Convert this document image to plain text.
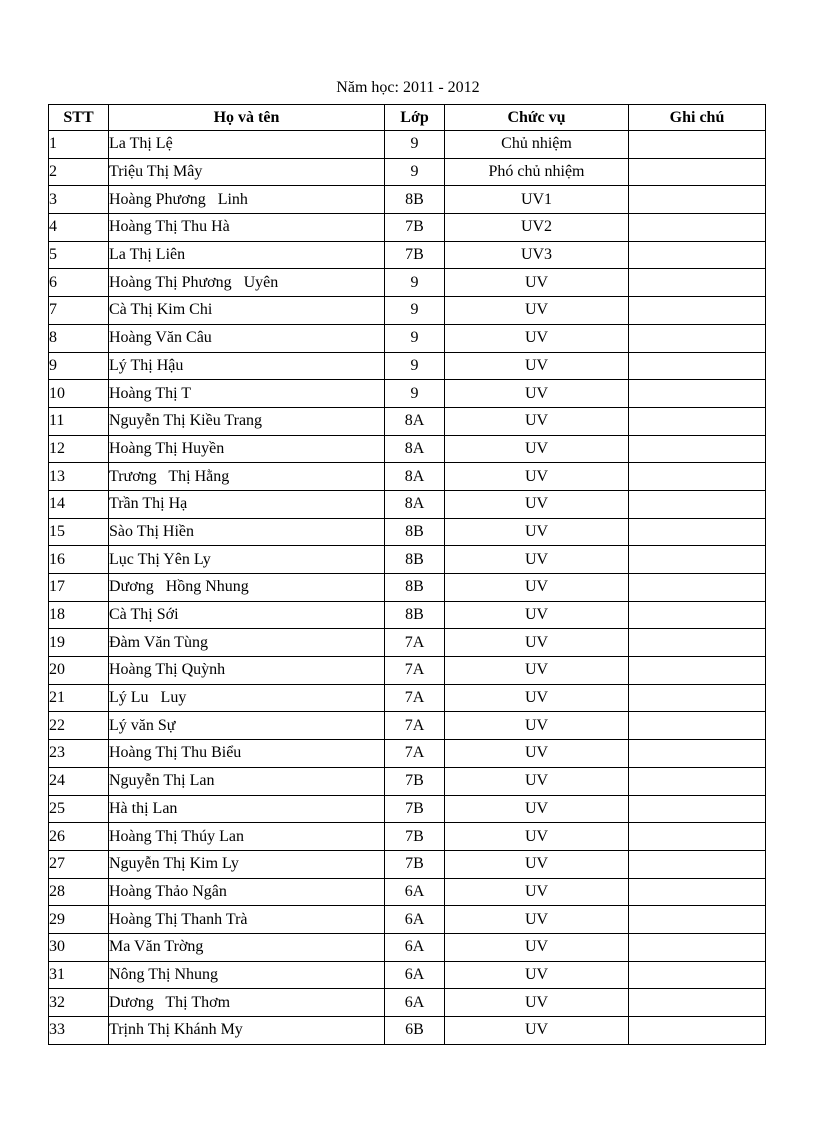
Năm học: 2011 - 2012
STT	Họ và tên	Lớp	Chức vụ	Ghi chú
1	La Thị Lệ	9	Chủ nhiệm	
2	Triệu Thị Mây	9	Phó chủ nhiệm	
3	Hoàng Phương   Linh	8B	UV1	
4	Hoàng Thị Thu Hà	7B	UV2	
5	La Thị Liên	7B	UV3	
6	Hoàng Thị Phương   Uyên	9	UV	
7	Cà Thị Kim Chi	9	UV	
8	Hoàng Văn Câu	9	UV	
9	Lý Thị Hậu	9	UV	
10	Hoàng Thị T	9	UV	
11	Nguyễn Thị Kiều Trang	8A	UV	
12	Hoàng Thị Huyền	8A	UV	
13	Trương   Thị Hằng	8A	UV	
14	Trần Thị Hạ	8A	UV	
15	Sào Thị Hiền	8B	UV	
16	Lục Thị Yên Ly	8B	UV	
17	Dương   Hồng Nhung	8B	UV	
18	Cà Thị Sới	8B	UV	
19	Đàm Văn Tùng	7A	UV	
20	Hoàng Thị Quỳnh	7A	UV	
21	Lý Lu   Luy	7A	UV	
22	Lý văn Sự	7A	UV	
23	Hoàng Thị Thu Biểu	7A	UV	
24	Nguyễn Thị Lan	7B	UV	
25	Hà thị Lan	7B	UV	
26	Hoàng Thị Thúy Lan	7B	UV	
27	Nguyễn Thị Kim Ly	7B	UV	
28	Hoàng Thảo Ngân	6A	UV	
29	Hoàng Thị Thanh Trà	6A	UV	
30	Ma Văn Trờng	6A	UV	
31	Nông Thị Nhung	6A	UV	
32	Dương   Thị Thơm	6A	UV	
33	Trịnh Thị Khánh My	6B	UV	
